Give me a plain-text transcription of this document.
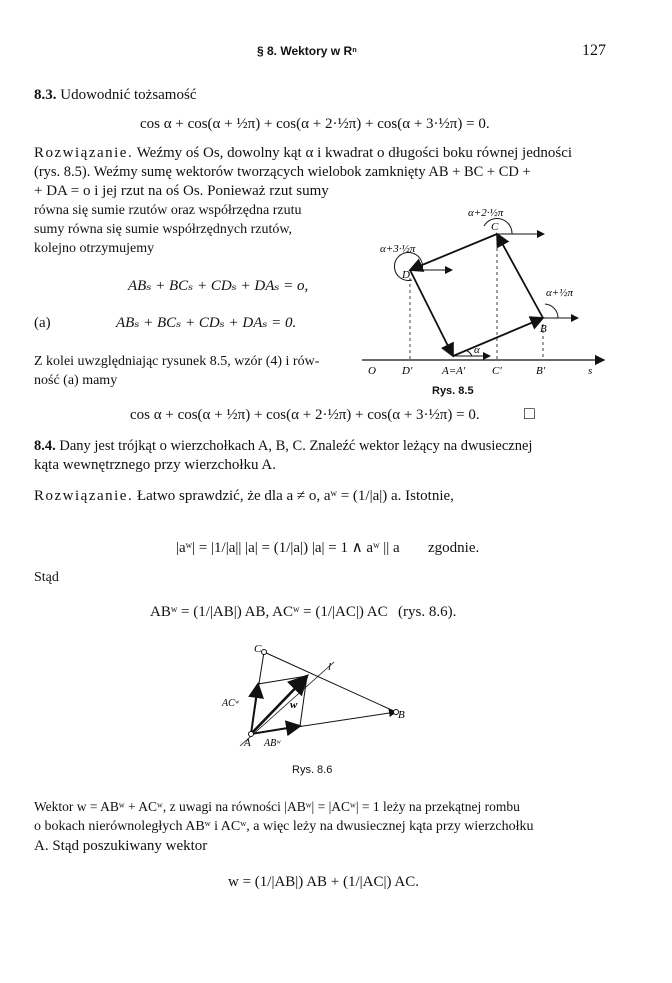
§ 8. Wektory w Rⁿ	127
8.3. Udowodnić tożsamość
cos α + cos(α + ½π) + cos(α + 2·½π) + cos(α + 3·½π) = 0.
Rozwiązanie. Weźmy oś Os, dowolny kąt α i kwadrat o długości boku równej jedności
(rys. 8.5). Weźmy sumę wektorów tworzących wielobok zamknięty AB + BC + CD +
+ DA = o i jej rzut na oś Os. Ponieważ rzut sumy
równa się sumie rzutów oraz współrzędna rzutu
sumy równa się sumie współrzędnych rzutów,
kolejno otrzymujemy
ABₛ + BCₛ + CDₛ + DAₛ = o,
(a)	ABₛ + BCₛ + CDₛ + DAₛ = 0.
Z kolei uwzględniając rysunek 8.5, wzór (4) i rów-
ność (a) mamy
α+2·½π
α+3·½π
α+½π
α
C
D
B
O D′	A=A′ C′	B′	s
Rys. 8.5
cos α + cos(α + ½π) + cos(α + 2·½π) + cos(α + 3·½π) = 0. □
8.4. Dany jest trójkąt o wierzchołkach A, B, C. Znaleźć wektor leżący na dwusiecznej
kąta wewnętrznego przy wierzchołku A.
Rozwiązanie. Łatwo sprawdzić, że dla a ≠ o, aʷ = (1/|a|) a. Istotnie,
|aʷ| = |1/|a|| |a| = (1/|a|) |a| = 1 ∧ aʷ || a zgodnie.
Stąd
ABʷ = (1/|AB|) AB, ACʷ = (1/|AC|) AC (rys. 8.6).
C
l
w
ACʷ
B
A ABʷ
Rys. 8.6
Wektor w = ABʷ + ACʷ, z uwagi na równości |ABʷ| = |ACʷ| = 1 leży na przekątnej rombu
o bokach nierównoległych ABʷ i ACʷ, a więc leży na dwusiecznej kąta przy wierzchołku
A. Stąd poszukiwany wektor
w = (1/|AB|) AB + (1/|AC|) AC.
